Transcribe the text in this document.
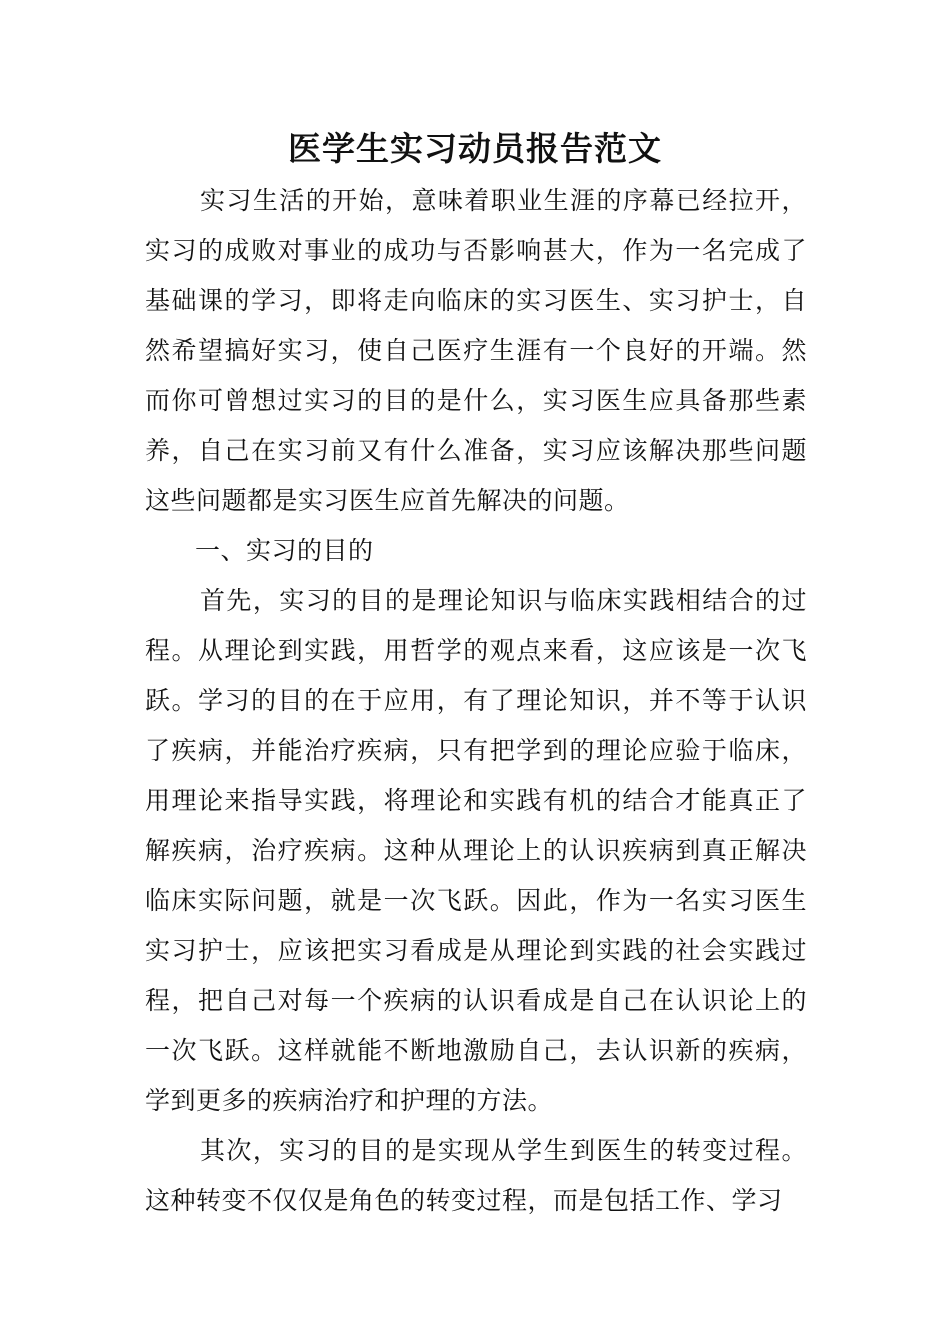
医学生实习动员报告范文

实习生活的开始，意味着职业生涯的序幕已经拉开，实习的成败对事业的成功与否影响甚大，作为一名完成了基础课的学习，即将走向临床的实习医生、实习护士，自然希望搞好实习，使自己医疗生涯有一个良好的开端。然而你可曾想过实习的目的是什么，实习医生应具备那些素养，自己在实习前又有什么准备，实习应该解决那些问题这些问题都是实习医生应首先解决的问题。

一、实习的目的

首先，实习的目的是理论知识与临床实践相结合的过程。从理论到实践，用哲学的观点来看，这应该是一次飞跃。学习的目的在于应用，有了理论知识，并不等于认识了疾病，并能治疗疾病，只有把学到的理论应验于临床，用理论来指导实践，将理论和实践有机的结合才能真正了解疾病，治疗疾病。这种从理论上的认识疾病到真正解决临床实际问题，就是一次飞跃。因此，作为一名实习医生实习护士，应该把实习看成是从理论到实践的社会实践过程，把自己对每一个疾病的认识看成是自己在认识论上的一次飞跃。这样就能不断地激励自己，去认识新的疾病，学到更多的疾病治疗和护理的方法。

其次，实习的目的是实现从学生到医生的转变过程。这种转变不仅仅是角色的转变过程，而是包括工作、学习
